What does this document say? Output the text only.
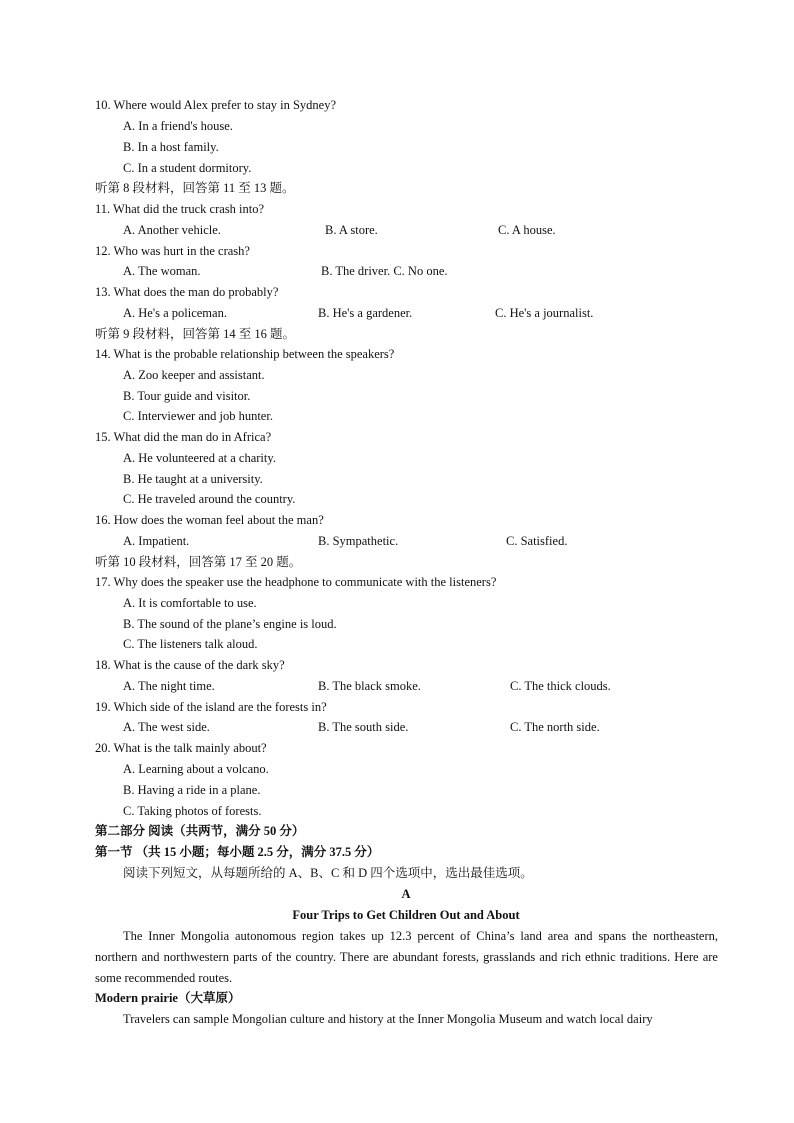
10. Where would Alex prefer to stay in Sydney?
A. In a friend's house.
B. In a host family.
C. In a student dormitory.
听第 8 段材料，回答第 11 至 13 题。
11. What did the truck crash into?
A. Another vehicle.	B. A store.	C. A house.
12. Who was hurt in the crash?
A. The woman.	B. The driver. C. No one.
13. What does the man do probably?
A. He's a policeman.	B. He's a gardener.	C. He's a journalist.
听第 9 段材料，回答第 14 至 16 题。
14. What is the probable relationship between the speakers?
A. Zoo keeper and assistant.
B. Tour guide and visitor.
C. Interviewer and job hunter.
15. What did the man do in Africa?
A. He volunteered at a charity.
B. He taught at a university.
C. He traveled around the country.
16. How does the woman feel about the man?
A. Impatient.	B. Sympathetic.	C. Satisfied.
听第 10 段材料，回答第 17 至 20 题。
17. Why does the speaker use the headphone to communicate with the listeners?
A. It is comfortable to use.
B. The sound of the plane’s engine is loud.
C. The listeners talk aloud.
18. What is the cause of the dark sky?
A. The night time.	B. The black smoke.	C. The thick clouds.
19. Which side of the island are the forests in?
A. The west side.	B. The south side.	C. The north side.
20. What is the talk mainly about?
A. Learning about a volcano.
B. Having a ride in a plane.
C. Taking photos of forests.
第二部分 阅读（共两节，满分 50 分）
第一节 （共 15 小题；每小题 2.5 分，满分 37.5 分）
阅读下列短文，从每题所给的 A、B、C 和 D 四个选项中，选出最佳选项。
A
Four Trips to Get Children Out and About
The Inner Mongolia autonomous region takes up 12.3 percent of China’s land area and spans the northeastern, northern and northwestern parts of the country. There are abundant forests, grasslands and rich ethnic traditions. Here are some recommended routes.
Modern prairie（大草原）
Travelers can sample Mongolian culture and history at the Inner Mongolia Museum and watch local dairy
